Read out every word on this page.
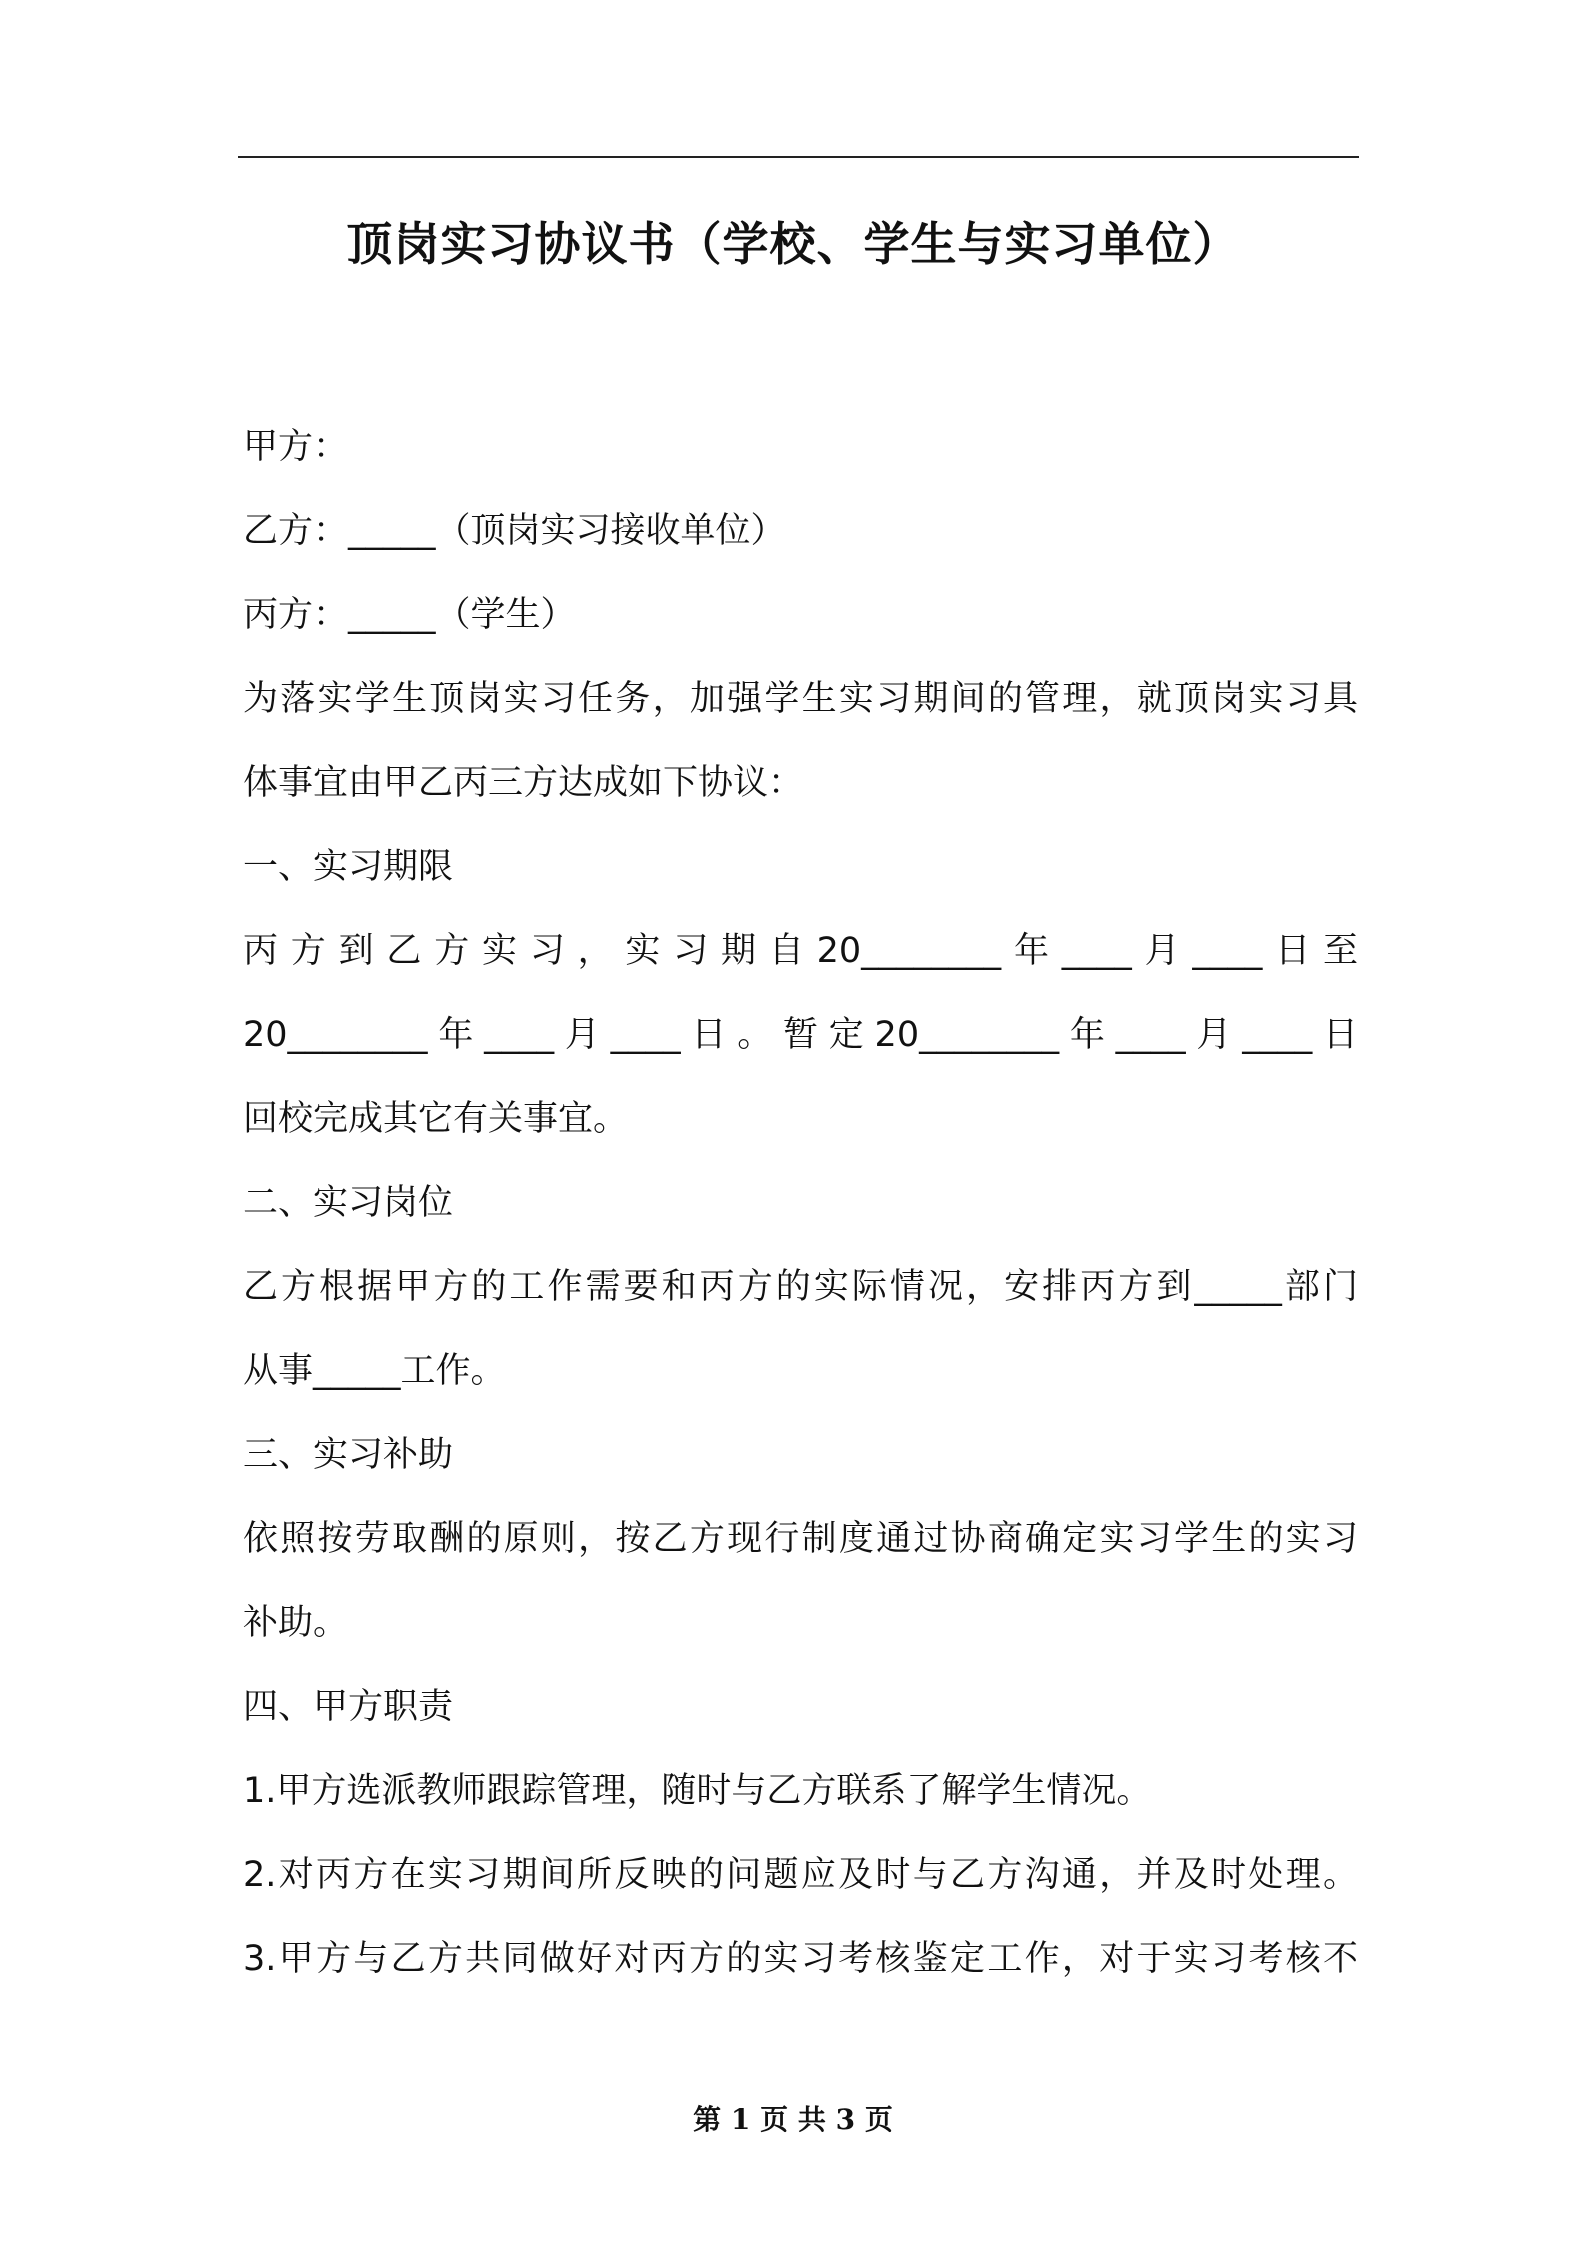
顶岗实习协议书（学校、学生与实习单位）
甲方：
乙方：_____（顶岗实习接收单位）
丙方：_____（学生）
为落实学生顶岗实习任务，加强学生实习期间的管理，就顶岗实习具
体事宜由甲乙丙三方达成如下协议：
一、实习期限
丙方到乙方实习，实习期自20________年____月____日至
20________年____月____日。暂定20________年____月____日
回校完成其它有关事宜。
二、实习岗位
乙方根据甲方的工作需要和丙方的实际情况，安排丙方到_____部门
从事_____工作。
三、实习补助
依照按劳取酬的原则，按乙方现行制度通过协商确定实习学生的实习
补助。
四、甲方职责
1.甲方选派教师跟踪管理，随时与乙方联系了解学生情况。
2.对丙方在实习期间所反映的问题应及时与乙方沟通，并及时处理。
3.甲方与乙方共同做好对丙方的实习考核鉴定工作，对于实习考核不
第 1 页 共 3 页
